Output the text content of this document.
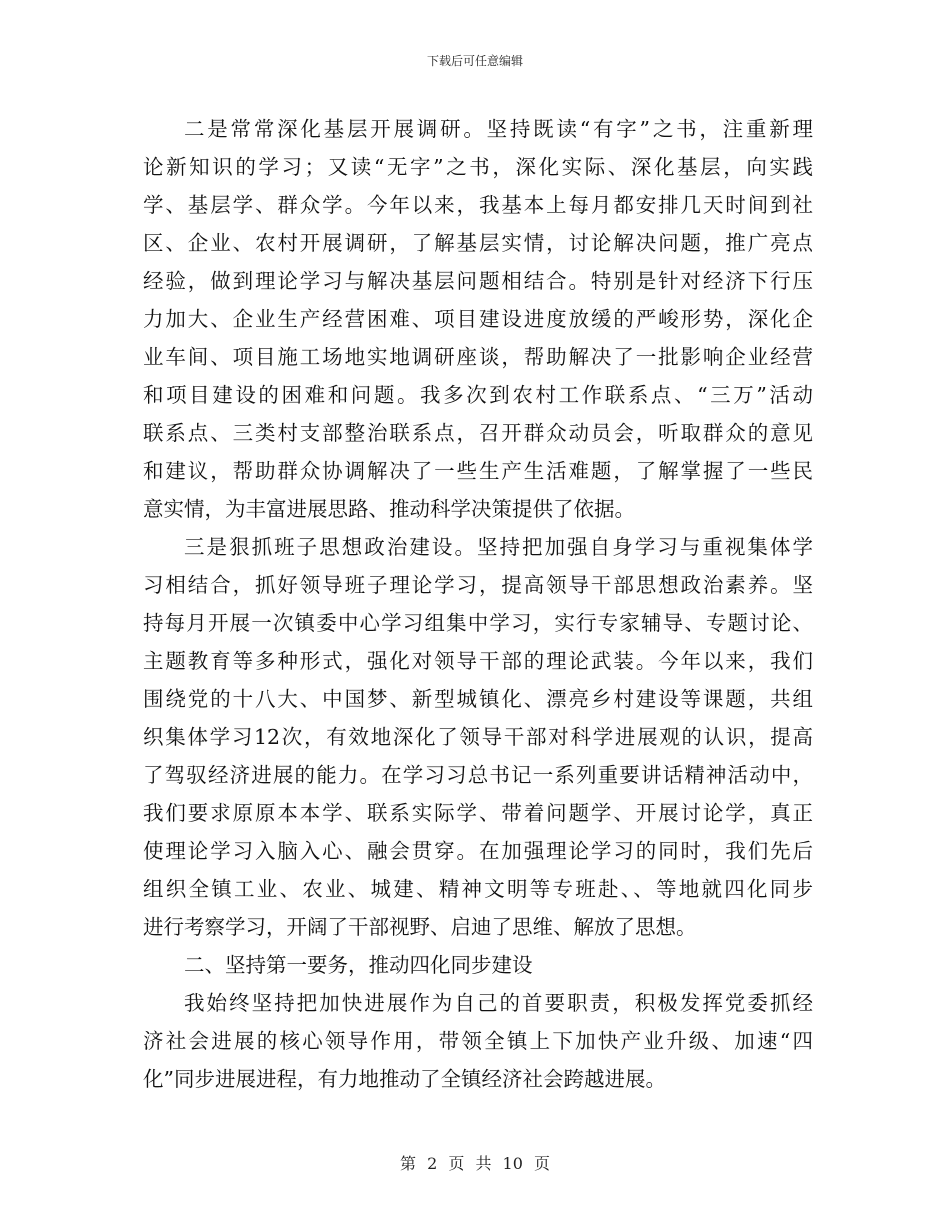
下载后可任意编辑
二是常常深化基层开展调研。坚持既读“有字”之书，注重新理
论新知识的学习；又读“无字”之书，深化实际、深化基层，向实践
学、基层学、群众学。今年以来，我基本上每月都安排几天时间到社
区、企业、农村开展调研，了解基层实情，讨论解决问题，推广亮点
经验，做到理论学习与解决基层问题相结合。特别是针对经济下行压
力加大、企业生产经营困难、项目建设进度放缓的严峻形势，深化企
业车间、项目施工场地实地调研座谈，帮助解决了一批影响企业经营
和项目建设的困难和问题。我多次到农村工作联系点、“三万”活动
联系点、三类村支部整治联系点，召开群众动员会，听取群众的意见
和建议，帮助群众协调解决了一些生产生活难题，了解掌握了一些民
意实情，为丰富进展思路、推动科学决策提供了依据。
三是狠抓班子思想政治建设。坚持把加强自身学习与重视集体学
习相结合，抓好领导班子理论学习，提高领导干部思想政治素养。坚
持每月开展一次镇委中心学习组集中学习，实行专家辅导、专题讨论、
主题教育等多种形式，强化对领导干部的理论武装。今年以来，我们
围绕党的十八大、中国梦、新型城镇化、漂亮乡村建设等课题，共组
织集体学习12次，有效地深化了领导干部对科学进展观的认识，提高
了驾驭经济进展的能力。在学习习总书记一系列重要讲话精神活动中，
我们要求原原本本学、联系实际学、带着问题学、开展讨论学，真正
使理论学习入脑入心、融会贯穿。在加强理论学习的同时，我们先后
组织全镇工业、农业、城建、精神文明等专班赴、、等地就四化同步
进行考察学习，开阔了干部视野、启迪了思维、解放了思想。
二、坚持第一要务，推动四化同步建设
我始终坚持把加快进展作为自己的首要职责，积极发挥党委抓经
济社会进展的核心领导作用，带领全镇上下加快产业升级、加速“四
化”同步进展进程，有力地推动了全镇经济社会跨越进展。
第 2 页 共 10 页
